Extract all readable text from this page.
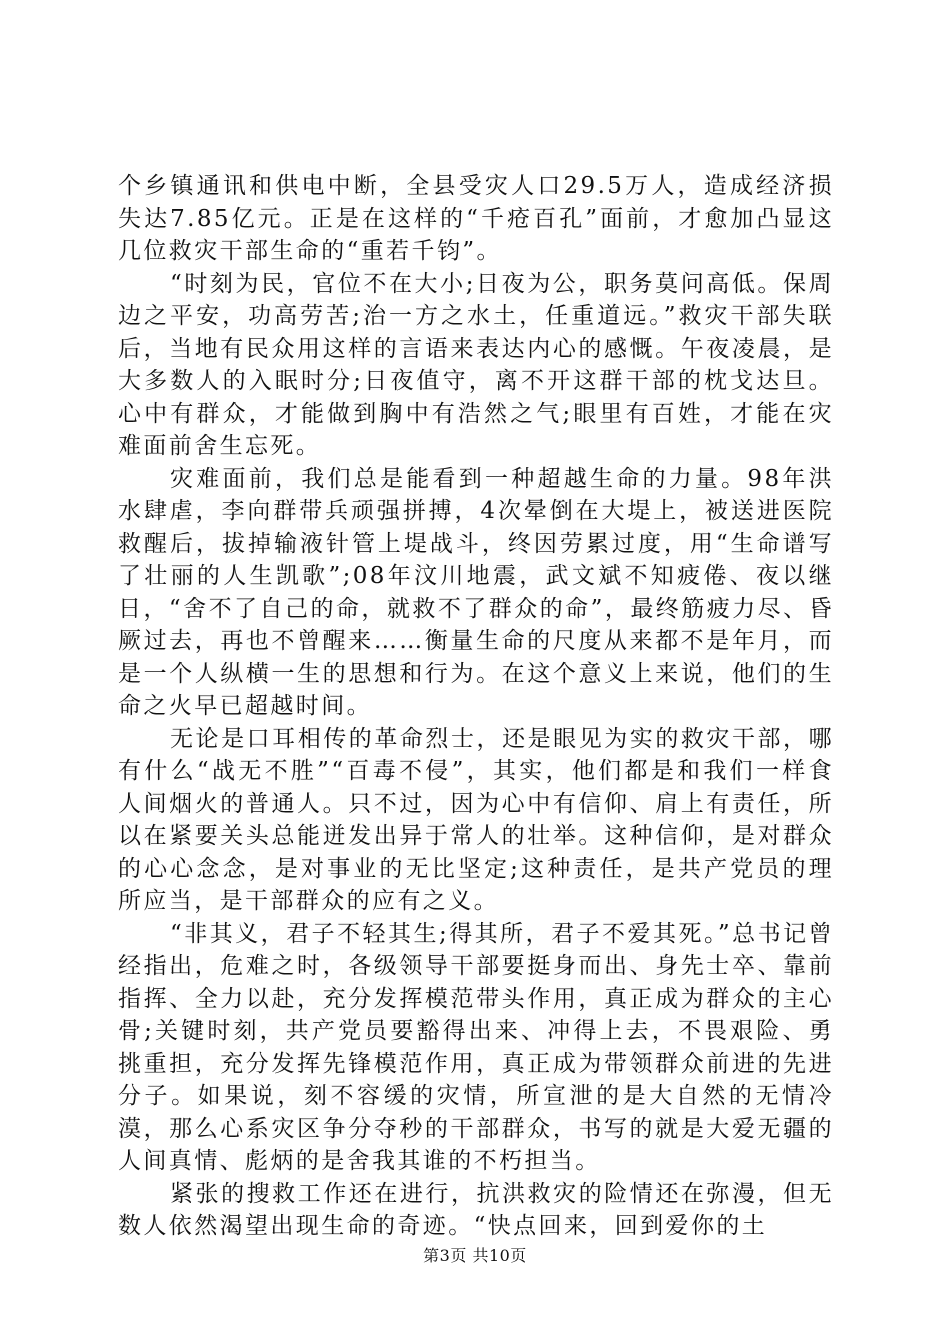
个乡镇通讯和供电中断，全县受灾人口29.5万人，造成经济损失达7.85亿元。正是在这样的“千疮百孔”面前，才愈加凸显这几位救灾干部生命的“重若千钧”。

“时刻为民，官位不在大小;日夜为公，职务莫问高低。保周边之平安，功高劳苦;治一方之水土，任重道远。”救灾干部失联后，当地有民众用这样的言语来表达内心的感慨。午夜凌晨，是大多数人的入眠时分;日夜值守，离不开这群干部的枕戈达旦。心中有群众，才能做到胸中有浩然之气;眼里有百姓，才能在灾难面前舍生忘死。

灾难面前，我们总是能看到一种超越生命的力量。98年洪水肆虐，李向群带兵顽强拼搏，4次晕倒在大堤上，被送进医院救醒后，拔掉输液针管上堤战斗，终因劳累过度，用“生命谱写了壮丽的人生凯歌”;08年汶川地震，武文斌不知疲倦、夜以继日，“舍不了自己的命，就救不了群众的命”，最终筋疲力尽、昏厥过去，再也不曾醒来……衡量生命的尺度从来都不是年月，而是一个人纵横一生的思想和行为。在这个意义上来说，他们的生命之火早已超越时间。

无论是口耳相传的革命烈士，还是眼见为实的救灾干部，哪有什么“战无不胜”“百毒不侵”，其实，他们都是和我们一样食人间烟火的普通人。只不过，因为心中有信仰、肩上有责任，所以在紧要关头总能迸发出异于常人的壮举。这种信仰，是对群众的心心念念，是对事业的无比坚定;这种责任，是共产党员的理所应当，是干部群众的应有之义。

“非其义，君子不轻其生;得其所，君子不爱其死。”总书记曾经指出，危难之时，各级领导干部要挺身而出、身先士卒、靠前指挥、全力以赴，充分发挥模范带头作用，真正成为群众的主心骨;关键时刻，共产党员要豁得出来、冲得上去，不畏艰险、勇挑重担，充分发挥先锋模范作用，真正成为带领群众前进的先进分子。如果说，刻不容缓的灾情，所宣泄的是大自然的无情冷漠，那么心系灾区争分夺秒的干部群众，书写的就是大爱无疆的人间真情、彪炳的是舍我其谁的不朽担当。

紧张的搜救工作还在进行，抗洪救灾的险情还在弥漫，但无数人依然渴望出现生命的奇迹。“快点回来，回到爱你的土

第3页 共10页
